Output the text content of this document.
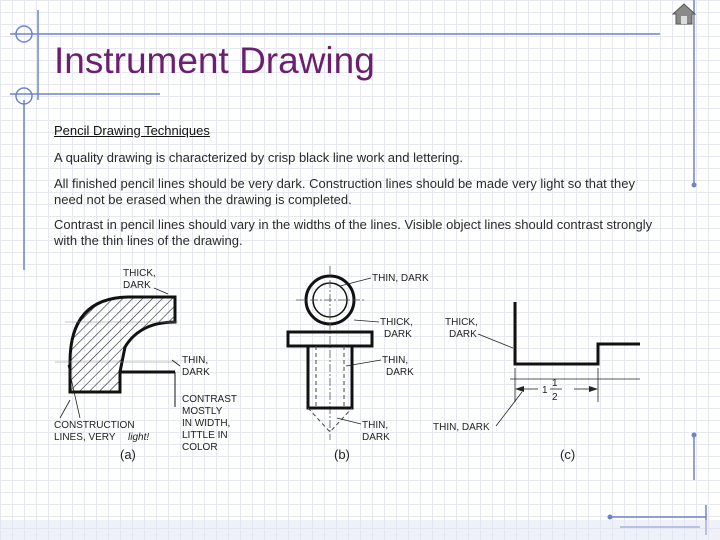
Instrument Drawing

Pencil Drawing Techniques

A quality drawing is characterized by crisp black line work and lettering.

All finished pencil lines should be very dark. Construction lines should be made very light so that they need not be erased when the drawing is completed.

Contrast in pencil lines should vary in the widths of the lines. Visible object lines should contrast strongly with the thin lines of the drawing.

THICK,
DARK
THIN,
DARK
CONTRAST
MOSTLY
IN WIDTH,
LITTLE IN
COLOR
CONSTRUCTION
LINES, VERY light!
(a)
THIN, DARK
THICK,
DARK
THIN,
DARK
THIN,
DARK
(b)
1
1
2
THICK,
DARK
THIN, DARK
(c)
